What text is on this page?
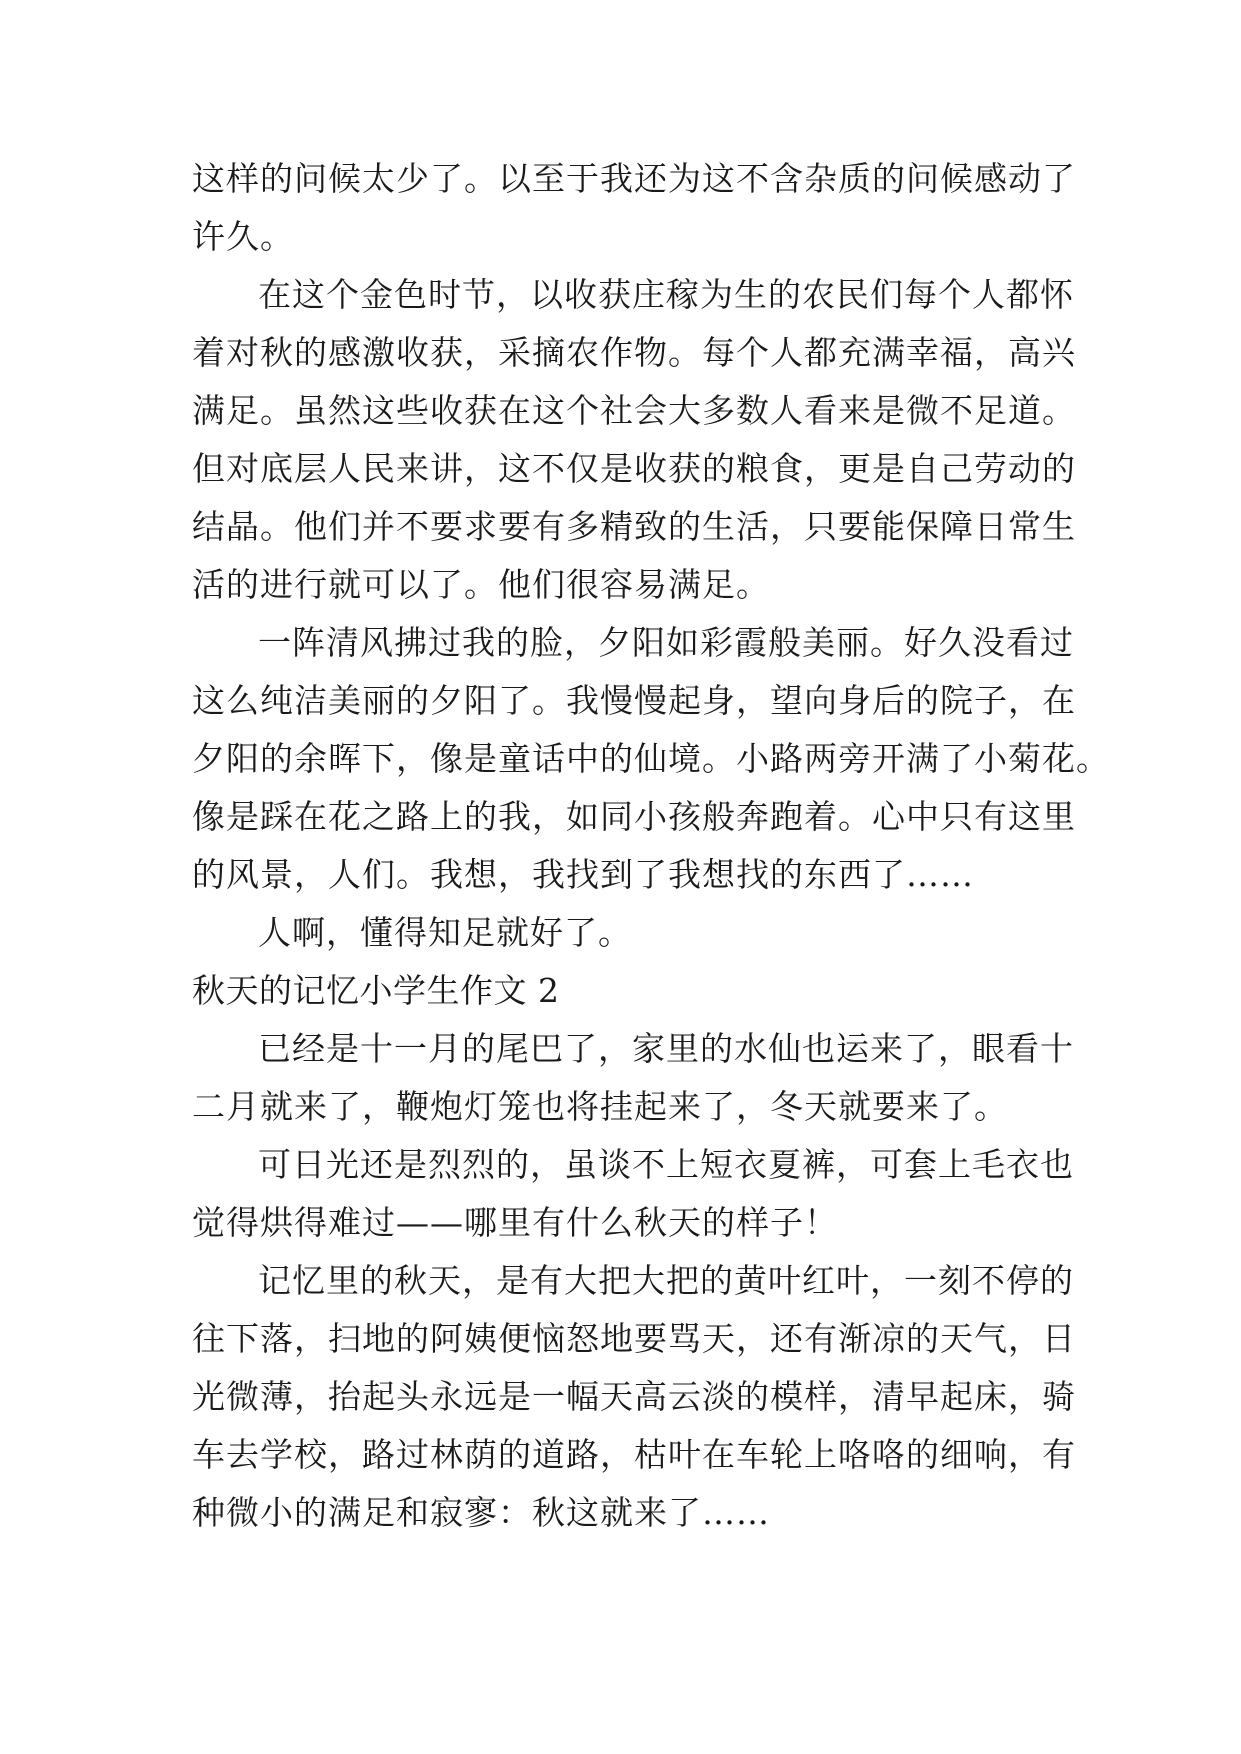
这样的问候太少了。以至于我还为这不含杂质的问候感动了
许久。
在这个金色时节，以收获庄稼为生的农民们每个人都怀
着对秋的感激收获，采摘农作物。每个人都充满幸福，高兴
满足。虽然这些收获在这个社会大多数人看来是微不足道。
但对底层人民来讲，这不仅是收获的粮食，更是自己劳动的
结晶。他们并不要求要有多精致的生活，只要能保障日常生
活的进行就可以了。他们很容易满足。
一阵清风拂过我的脸，夕阳如彩霞般美丽。好久没看过
这么纯洁美丽的夕阳了。我慢慢起身，望向身后的院子，在
夕阳的余晖下，像是童话中的仙境。小路两旁开满了小菊花。
像是踩在花之路上的我，如同小孩般奔跑着。心中只有这里
的风景，人们。我想，我找到了我想找的东西了……
人啊，懂得知足就好了。
秋天的记忆小学生作文 2
已经是十一月的尾巴了，家里的水仙也运来了，眼看十
二月就来了，鞭炮灯笼也将挂起来了，冬天就要来了。
可日光还是烈烈的，虽谈不上短衣夏裤，可套上毛衣也
觉得烘得难过——哪里有什么秋天的样子！
记忆里的秋天，是有大把大把的黄叶红叶，一刻不停的
往下落，扫地的阿姨便恼怒地要骂天，还有渐凉的天气，日
光微薄，抬起头永远是一幅天高云淡的模样，清早起床，骑
车去学校，路过林荫的道路，枯叶在车轮上咯咯的细响，有
种微小的满足和寂寥：秋这就来了……
